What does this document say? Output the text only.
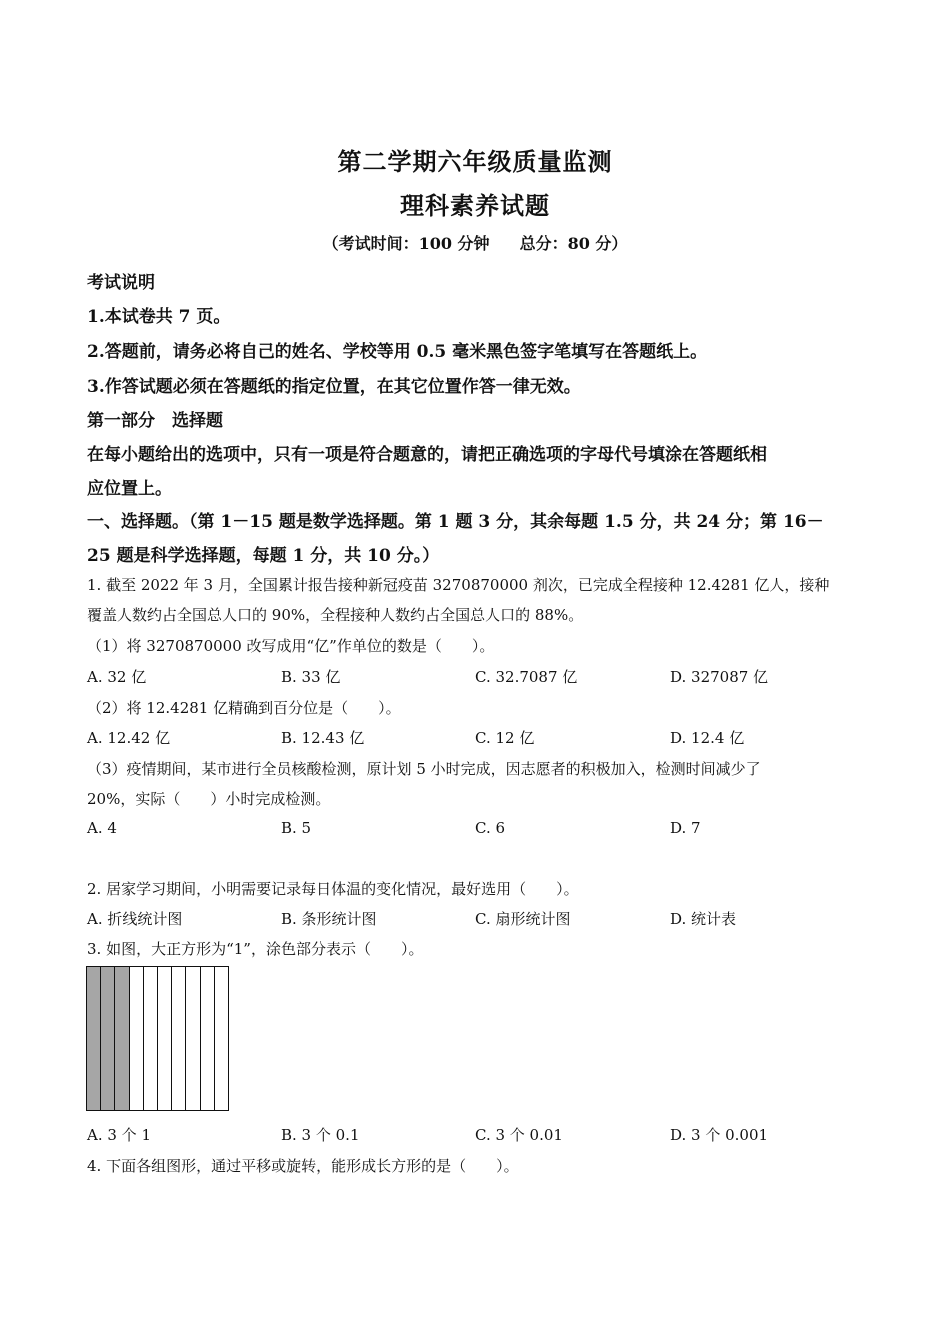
第二学期六年级质量监测
理科素养试题
（考试时间：100 分钟 总分：80 分）
考试说明
1.本试卷共 7 页。
2.答题前，请务必将自己的姓名、学校等用 0.5 毫米黑色签字笔填写在答题纸上。
3.作答试题必须在答题纸的指定位置，在其它位置作答一律无效。
第一部分　选择题
在每小题给出的选项中，只有一项是符合题意的，请把正确选项的字母代号填涂在答题纸相
应位置上。
一、选择题。（第 1－15 题是数学选择题。第 1 题 3 分，其余每题 1.5 分，共 24 分；第 16－
25 题是科学选择题，每题 1 分，共 10 分。）
1. 截至 2022 年 3 月，全国累计报告接种新冠疫苗 3270870000 剂次，已完成全程接种 12.4281 亿人，接种
覆盖人数约占全国总人口的 90%，全程接种人数约占全国总人口的 88%。
（1）将 3270870000 改写成用“亿”作单位的数是（　　）。
A. 32 亿	B. 33 亿	C. 32.7087 亿	D. 327087 亿
（2）将 12.4281 亿精确到百分位是（　　）。
A. 12.42 亿	B. 12.43 亿	C. 12 亿	D. 12.4 亿
（3）疫情期间，某市进行全员核酸检测，原计划 5 小时完成，因志愿者的积极加入，检测时间减少了
20%，实际（　　）小时完成检测。
A. 4	B. 5	C. 6	D. 7
2. 居家学习期间，小明需要记录每日体温的变化情况，最好选用（　　）。
A. 折线统计图	B. 条形统计图	C. 扇形统计图	D. 统计表
3. 如图，大正方形为“1”，涂色部分表示（　　）。
A. 3 个 1	B. 3 个 0.1	C. 3 个 0.01	D. 3 个 0.001
4. 下面各组图形，通过平移或旋转，能形成长方形的是（　　）。
